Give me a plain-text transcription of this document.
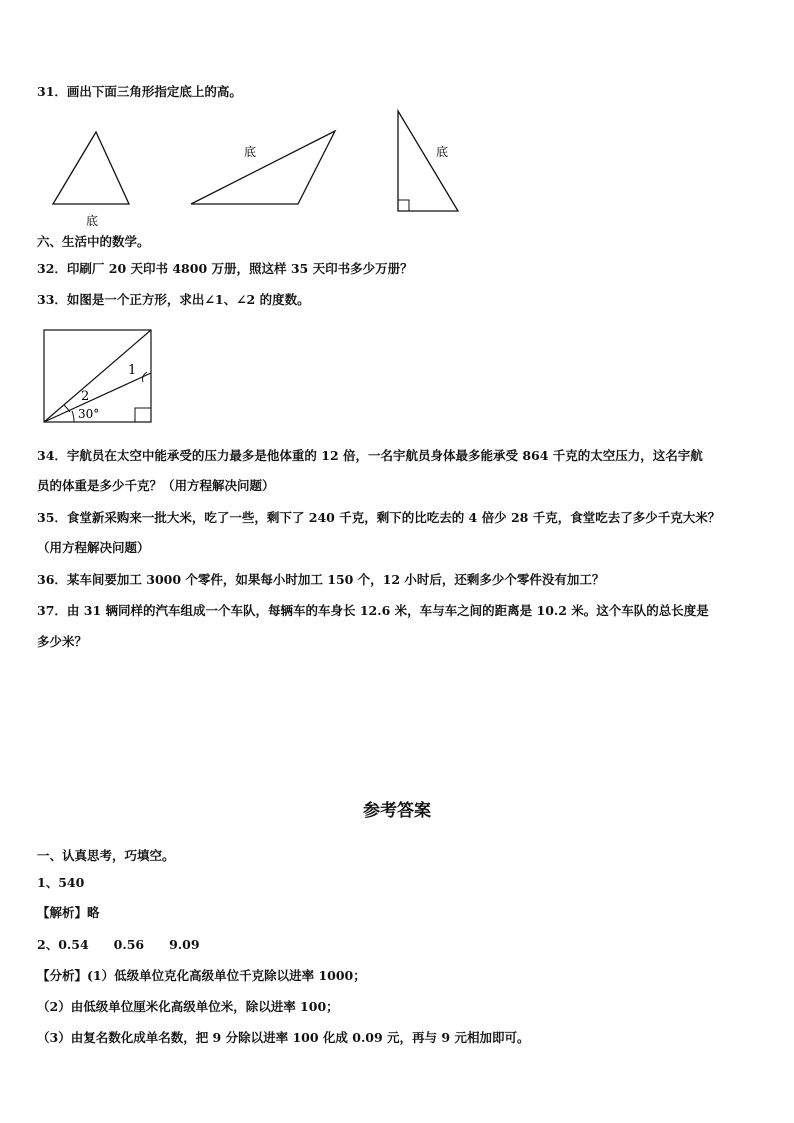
31．画出下面三角形指定底上的高。
底
底	底
六、生活中的数学。
32．印刷厂 20 天印书 4800 万册，照这样 35 天印书多少万册？
33．如图是一个正方形，求出∠1、∠2 的度数。
1
2
30°
34．宇航员在太空中能承受的压力最多是他体重的 12 倍，一名宇航员身体最多能承受 864 千克的太空压力，这名宇航
员的体重是多少千克？（用方程解决问题）
35．食堂新采购来一批大米，吃了一些，剩下了 240 千克，剩下的比吃去的 4 倍少 28 千克，食堂吃去了多少千克大米？
（用方程解决问题）
36．某车间要加工 3000 个零件，如果每小时加工 150 个，12 小时后，还剩多少个零件没有加工？
37．由 31 辆同样的汽车组成一个车队，每辆车的车身长 12.6 米，车与车之间的距离是 10.2 米。这个车队的总长度是
多少米？
参考答案
一、认真思考，巧填空。
1、540
【解析】略
2、0.54　　0.56　　9.09
【分析】(1）低级单位克化高级单位千克除以进率 1000；
（2）由低级单位厘米化高级单位米，除以进率 100；
（3）由复名数化成单名数，把 9 分除以进率 100 化成 0.09 元，再与 9 元相加即可。
